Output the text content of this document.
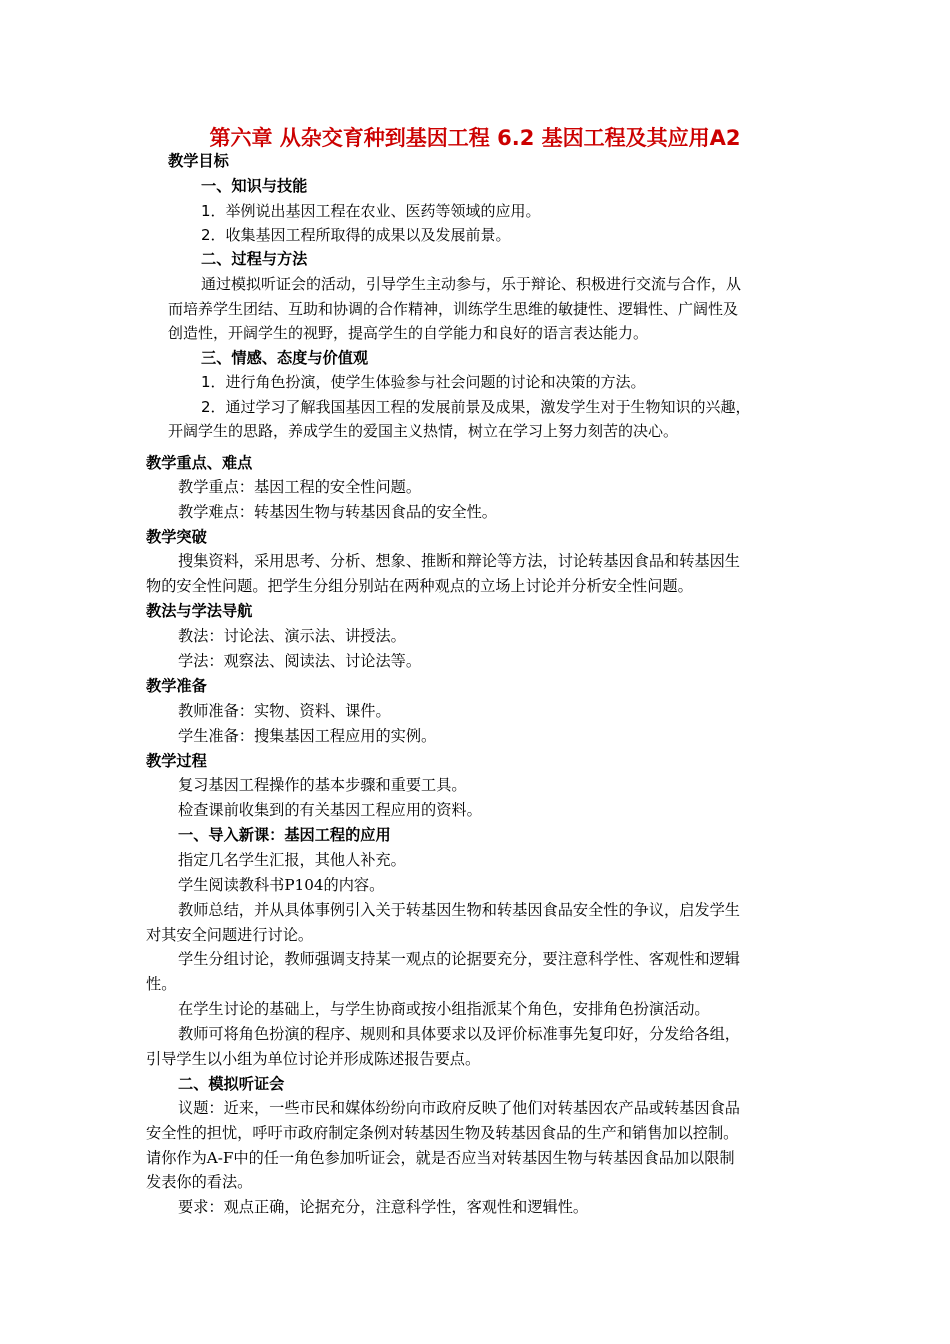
第六章 从杂交育种到基因工程 6.2 基因工程及其应用A2
教学目标
一、知识与技能
1．举例说出基因工程在农业、医药等领域的应用。
2．收集基因工程所取得的成果以及发展前景。
二、过程与方法
通过模拟听证会的活动，引导学生主动参与，乐于辩论、积极进行交流与合作，从
而培养学生团结、互助和协调的合作精神，训练学生思维的敏捷性、逻辑性、广阔性及
创造性，开阔学生的视野，提高学生的自学能力和良好的语言表达能力。
三、情感、态度与价值观
1．进行角色扮演，使学生体验参与社会问题的讨论和决策的方法。
2．通过学习了解我国基因工程的发展前景及成果，激发学生对于生物知识的兴趣，
开阔学生的思路，养成学生的爱国主义热情，树立在学习上努力刻苦的决心。
教学重点、难点
教学重点：基因工程的安全性问题。
教学难点：转基因生物与转基因食品的安全性。
教学突破
搜集资料，采用思考、分析、想象、推断和辩论等方法，讨论转基因食品和转基因生
物的安全性问题。把学生分组分别站在两种观点的立场上讨论并分析安全性问题。
教法与学法导航
教法：讨论法、演示法、讲授法。
学法：观察法、阅读法、讨论法等。
教学准备
教师准备：实物、资料、课件。
学生准备：搜集基因工程应用的实例。
教学过程
复习基因工程操作的基本步骤和重要工具。
检查课前收集到的有关基因工程应用的资料。
一、导入新课：基因工程的应用
指定几名学生汇报，其他人补充。
学生阅读教科书P104的内容。
教师总结，并从具体事例引入关于转基因生物和转基因食品安全性的争议，启发学生
对其安全问题进行讨论。
学生分组讨论，教师强调支持某一观点的论据要充分，要注意科学性、客观性和逻辑
性。
在学生讨论的基础上，与学生协商或按小组指派某个角色，安排角色扮演活动。
教师可将角色扮演的程序、规则和具体要求以及评价标准事先复印好，分发给各组，
引导学生以小组为单位讨论并形成陈述报告要点。
二、模拟听证会
议题：近来，一些市民和媒体纷纷向市政府反映了他们对转基因农产品或转基因食品
安全性的担忧，呼吁市政府制定条例对转基因生物及转基因食品的生产和销售加以控制。
请你作为A-F中的任一角色参加听证会，就是否应当对转基因生物与转基因食品加以限制
发表你的看法。
要求：观点正确，论据充分，注意科学性，客观性和逻辑性。
